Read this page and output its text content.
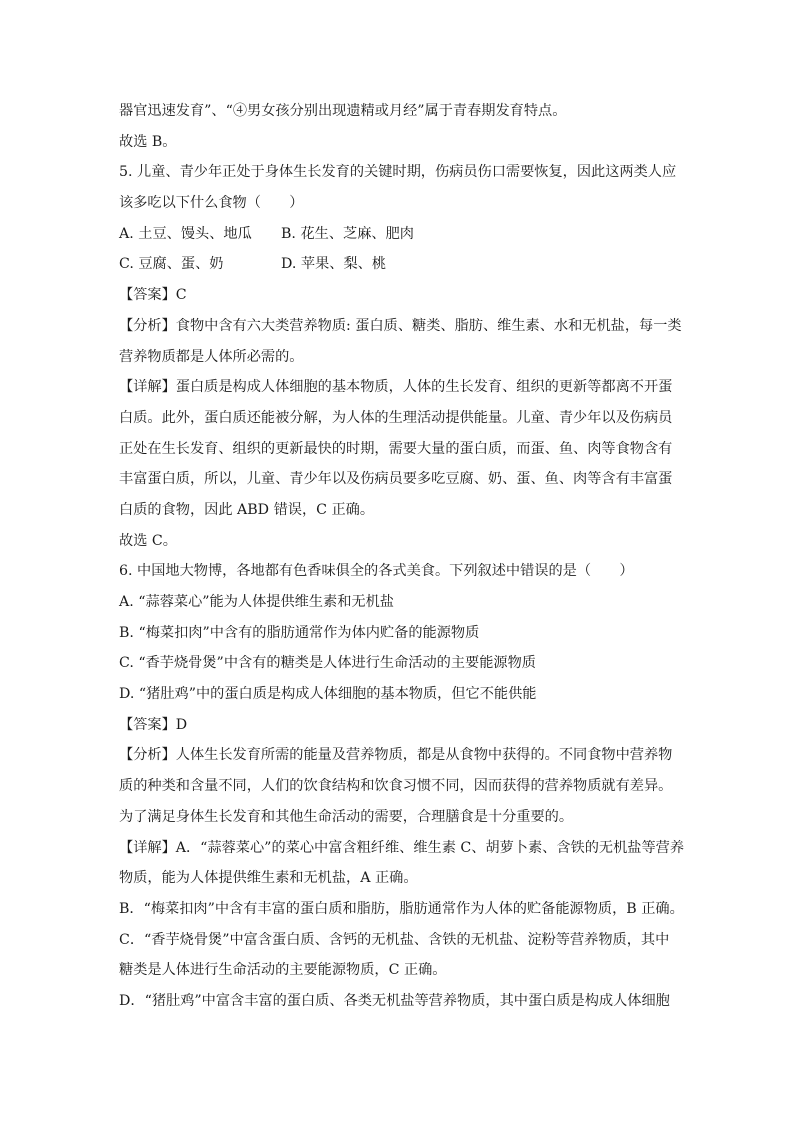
器官迅速发育”、“④男女孩分别出现遗精或月经”属于青春期发育特点。
故选 B。
5. 儿童、青少年正处于身体生长发育的关键时期，伤病员伤口需要恢复，因此这两类人应
该多吃以下什么食物（　　）
A. 土豆、馒头、地瓜	B. 花生、芝麻、肥肉
C. 豆腐、蛋、奶	D. 苹果、梨、桃
【答案】C
【分析】食物中含有六大类营养物质: 蛋白质、糖类、脂肪、维生素、水和无机盐，每一类
营养物质都是人体所必需的。
【详解】蛋白质是构成人体细胞的基本物质，人体的生长发育、组织的更新等都离不开蛋
白质。此外，蛋白质还能被分解，为人体的生理活动提供能量。儿童、青少年以及伤病员
正处在生长发育、组织的更新最快的时期，需要大量的蛋白质，而蛋、鱼、肉等食物含有
丰富蛋白质，所以，儿童、青少年以及伤病员要多吃豆腐、奶、蛋、鱼、肉等含有丰富蛋
白质的食物，因此 ABD 错误，C 正确。
故选 C。
6. 中国地大物博，各地都有色香味俱全的各式美食。下列叙述中错误的是（　　）
A. “蒜蓉菜心”能为人体提供维生素和无机盐
B. “梅菜扣肉”中含有的脂肪通常作为体内贮备的能源物质
C. “香芋烧骨煲”中含有的糖类是人体进行生命活动的主要能源物质
D. “猪肚鸡”中的蛋白质是构成人体细胞的基本物质，但它不能供能
【答案】D
【分析】人体生长发育所需的能量及营养物质，都是从食物中获得的。不同食物中营养物
质的种类和含量不同，人们的饮食结构和饮食习惯不同，因而获得的营养物质就有差异。
为了满足身体生长发育和其他生命活动的需要，合理膳食是十分重要的。
【详解】A．“蒜蓉菜心”的菜心中富含粗纤维、维生素 C、胡萝卜素、含铁的无机盐等营养
物质，能为人体提供维生素和无机盐，A 正确。
B．“梅菜扣肉”中含有丰富的蛋白质和脂肪，脂肪通常作为人体的贮备能源物质，B 正确。
C．“香芋烧骨煲”中富含蛋白质、含钙的无机盐、含铁的无机盐、淀粉等营养物质，其中
糖类是人体进行生命活动的主要能源物质，C 正确。
D．“猪肚鸡”中富含丰富的蛋白质、各类无机盐等营养物质，其中蛋白质是构成人体细胞
